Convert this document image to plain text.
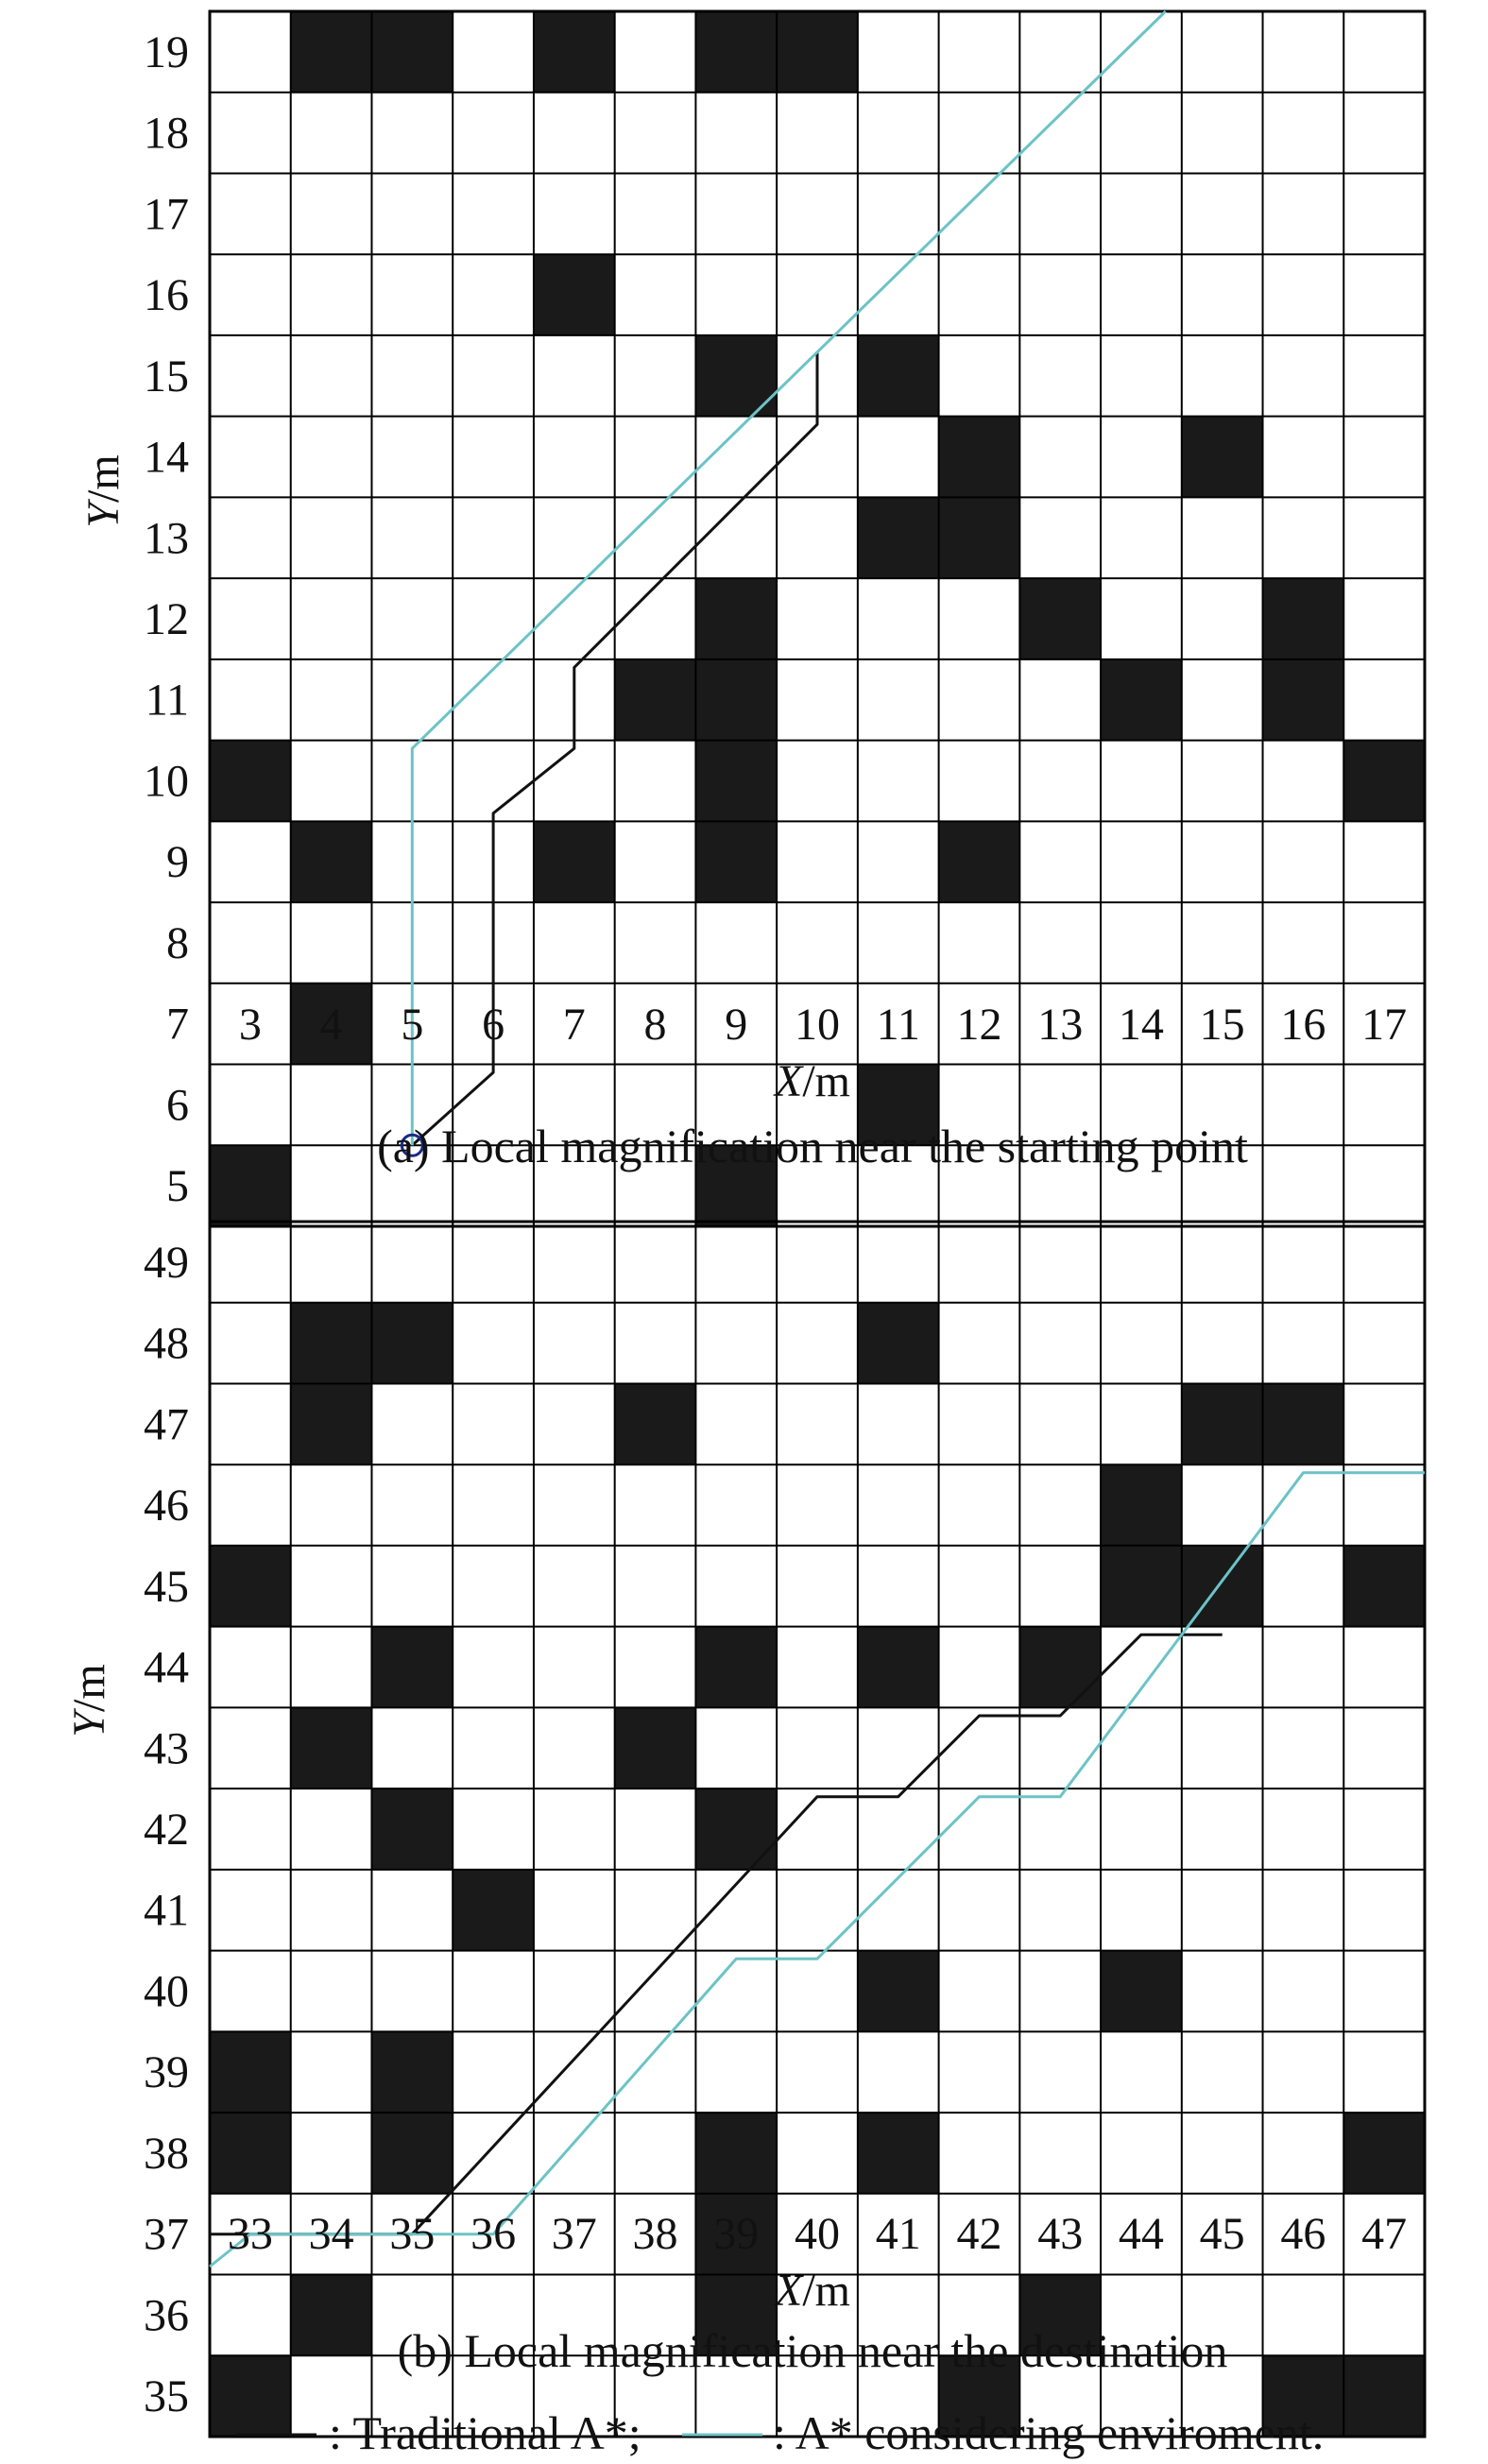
19
18
17
16
15
14
13
12
11
10
9
8
7
6
5
3 4 5 6 7 8 9 10 11 12 13 14 15 16 17
X/m
Y/m
(a) Local magnification near the starting point
49
48
47
46
45
44
43
42
41
40
39
38
37
36
35
33 34 35 36 37 38 39 40 41 42 43 44 45 46 47
X/m
Y/m
(b) Local magnification near the destination
: Traditional A*;	: A* considering enviroment.
